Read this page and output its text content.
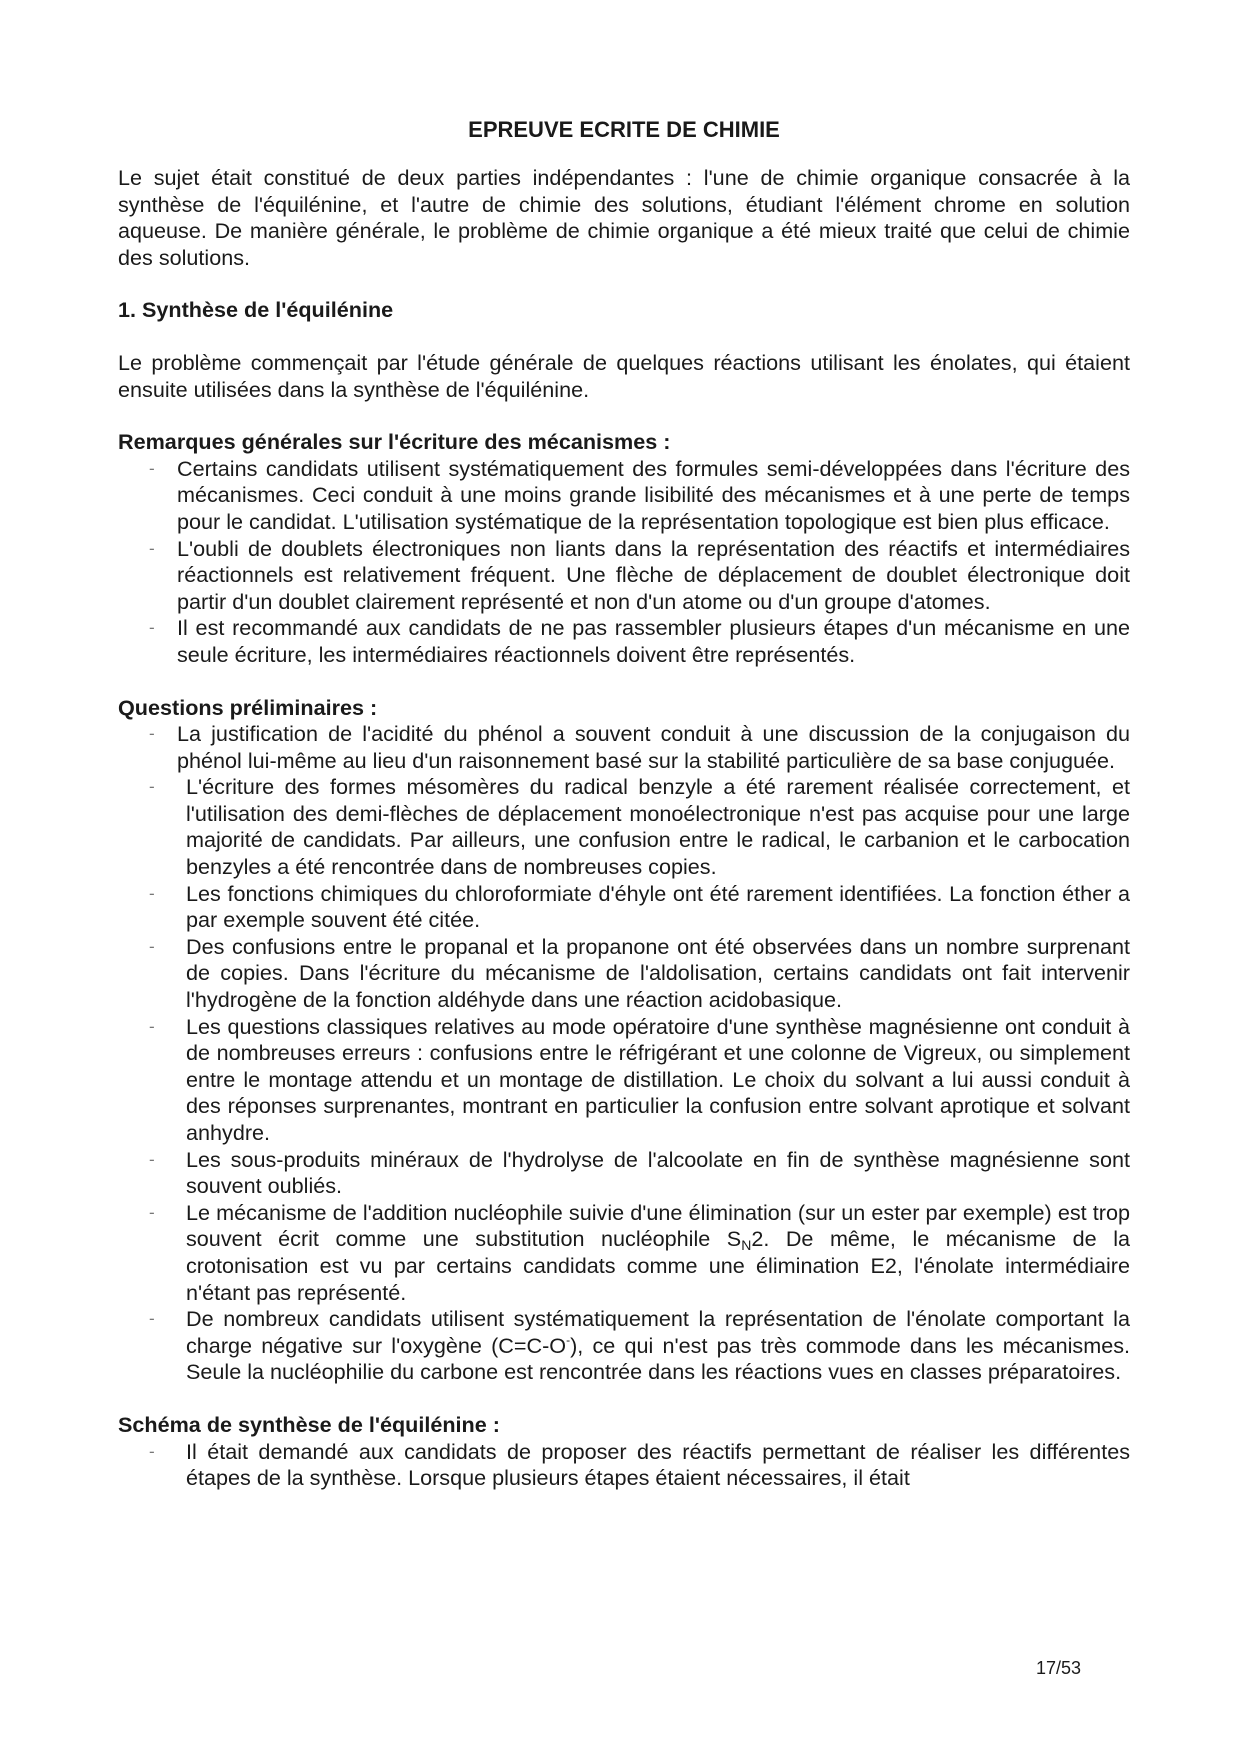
EPREUVE ECRITE DE CHIMIE

Le sujet était constitué de deux parties indépendantes : l'une de chimie organique consacrée à la synthèse de l'équilénine, et l'autre de chimie des solutions, étudiant l'élément chrome en solution aqueuse. De manière générale, le problème de chimie organique a été mieux traité que celui de chimie des solutions.

1. Synthèse de l'équilénine

Le problème commençait par l'étude générale de quelques réactions utilisant les énolates, qui étaient ensuite utilisées dans la synthèse de l'équilénine.

Remarques générales sur l'écriture des mécanismes :
- Certains candidats utilisent systématiquement des formules semi-développées dans l'écriture des mécanismes. Ceci conduit à une moins grande lisibilité des mécanismes et à une perte de temps pour le candidat. L'utilisation systématique de la représentation topologique est bien plus efficace.
- L'oubli de doublets électroniques non liants dans la représentation des réactifs et intermédiaires réactionnels est relativement fréquent. Une flèche de déplacement de doublet électronique doit partir d'un doublet clairement représenté et non d'un atome ou d'un groupe d'atomes.
- Il est recommandé aux candidats de ne pas rassembler plusieurs étapes d'un mécanisme en une seule écriture, les intermédiaires réactionnels doivent être représentés.
Questions préliminaires :
- La justification de l'acidité du phénol a souvent conduit à une discussion de la conjugaison du phénol lui-même au lieu d'un raisonnement basé sur la stabilité particulière de sa base conjuguée.
- L'écriture des formes mésomères du radical benzyle a été rarement réalisée correctement, et l'utilisation des demi-flèches de déplacement monoélectronique n'est pas acquise pour une large majorité de candidats. Par ailleurs, une confusion entre le radical, le carbanion et le carbocation benzyles a été rencontrée dans de nombreuses copies.
- Les fonctions chimiques du chloroformiate d'éhyle ont été rarement identifiées. La fonction éther a par exemple souvent été citée.
- Des confusions entre le propanal et la propanone ont été observées dans un nombre surprenant de copies. Dans l'écriture du mécanisme de l'aldolisation, certains candidats ont fait intervenir l'hydrogène de la fonction aldéhyde dans une réaction acidobasique.
- Les questions classiques relatives au mode opératoire d'une synthèse magnésienne ont conduit à de nombreuses erreurs : confusions entre le réfrigérant et une colonne de Vigreux, ou simplement entre le montage attendu et un montage de distillation. Le choix du solvant a lui aussi conduit à des réponses surprenantes, montrant en particulier la confusion entre solvant aprotique et solvant anhydre.
- Les sous-produits minéraux de l'hydrolyse de l'alcoolate en fin de synthèse magnésienne sont souvent oubliés.
- Le mécanisme de l'addition nucléophile suivie d'une élimination (sur un ester par exemple) est trop souvent écrit comme une substitution nucléophile $S_N2$. De même, le mécanisme de la crotonisation est vu par certains candidats comme une élimination E2, l'énolate intermédiaire n'étant pas représenté.
- De nombreux candidats utilisent systématiquement la représentation de l'énolate comportant la charge négative sur l'oxygène (C=C-O-), ce qui n'est pas très commode dans les mécanismes. Seule la nucléophilie du carbone est rencontrée dans les réactions vues en classes préparatoires.
Schéma de synthèse de l'équilénine :
- Il était demandé aux candidats de proposer des réactifs permettant de réaliser les différentes étapes de la synthèse. Lorsque plusieurs étapes étaient nécessaires, il était
17/53
